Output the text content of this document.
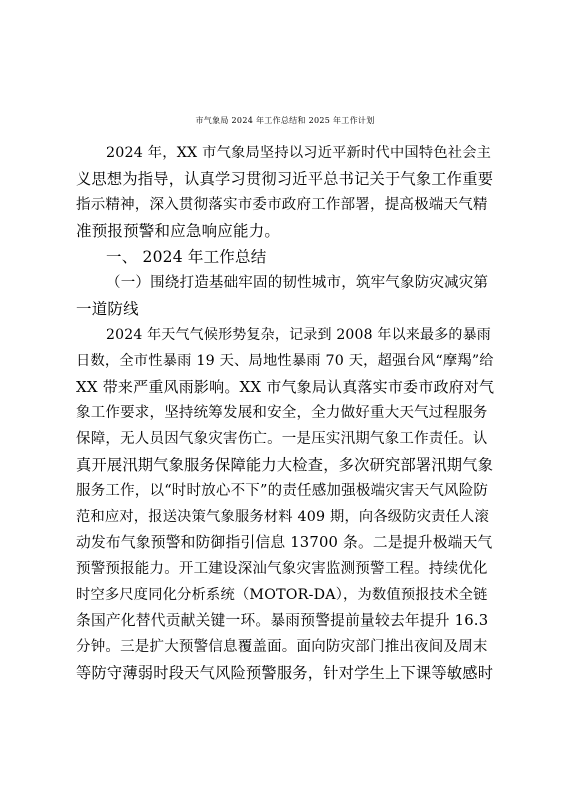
市气象局 2024 年工作总结和 2025 年工作计划
2024 年，XX 市气象局坚持以习近平新时代中国特色社会主
义思想为指导，认真学习贯彻习近平总书记关于气象工作重要
指示精神，深入贯彻落实市委市政府工作部署，提高极端天气精
准预报预警和应急响应能力。
一、 2024 年工作总结
（一）围绕打造基础牢固的韧性城市，筑牢气象防灾减灾第
一道防线
2024 年天气气候形势复杂，记录到 2008 年以来最多的暴雨
日数，全市性暴雨 19 天、局地性暴雨 70 天，超强台风“摩羯”给
XX 带来严重风雨影响。XX 市气象局认真落实市委市政府对气
象工作要求，坚持统筹发展和安全，全力做好重大天气过程服务
保障，无人员因气象灾害伤亡。一是压实汛期气象工作责任。认
真开展汛期气象服务保障能力大检查，多次研究部署汛期气象
服务工作，以“时时放心不下”的责任感加强极端灾害天气风险防
范和应对，报送决策气象服务材料 409 期，向各级防灾责任人滚
动发布气象预警和防御指引信息 13700 条。二是提升极端天气
预警预报能力。开工建设深汕气象灾害监测预警工程。持续优化
时空多尺度同化分析系统（MOTOR-DA），为数值预报技术全链
条国产化替代贡献关键一环。暴雨预警提前量较去年提升 16.3
分钟。三是扩大预警信息覆盖面。面向防灾部门推出夜间及周末
等防守薄弱时段天气风险预警服务，针对学生上下课等敏感时
